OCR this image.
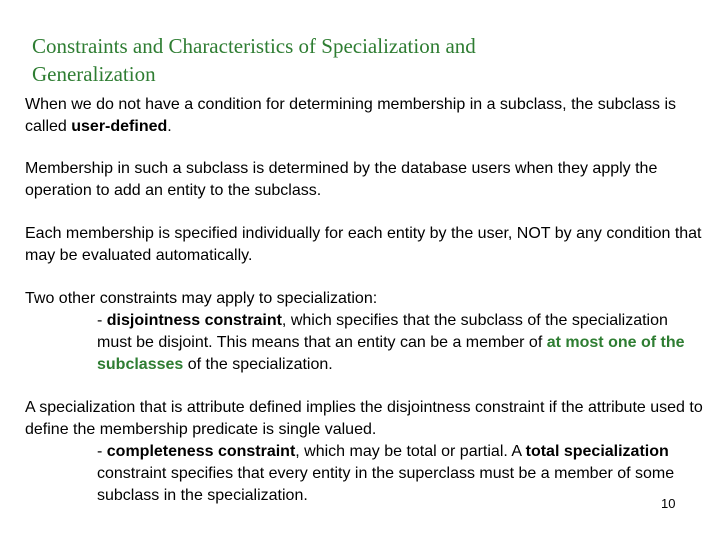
Constraints and Characteristics of Specialization and
Generalization

When we do not have a condition for determining membership in a subclass, the subclass is called user-defined.

Membership in such a subclass is determined by the database users when they apply the operation to add an entity to the subclass.

Each membership is specified individually for each entity by the user, NOT by any condition that may be evaluated automatically.

Two other constraints may apply to specialization:
- disjointness constraint, which specifies that the subclass of the specialization must be disjoint. This means that an entity can be a member of at most one of the subclasses of the specialization.
A specialization that is attribute defined implies the disjointness constraint if the attribute used to define the membership predicate is single valued.
- completeness constraint, which may be total or partial. A total specialization constraint specifies that every entity in the superclass must be a member of some subclass in the specialization.	10
